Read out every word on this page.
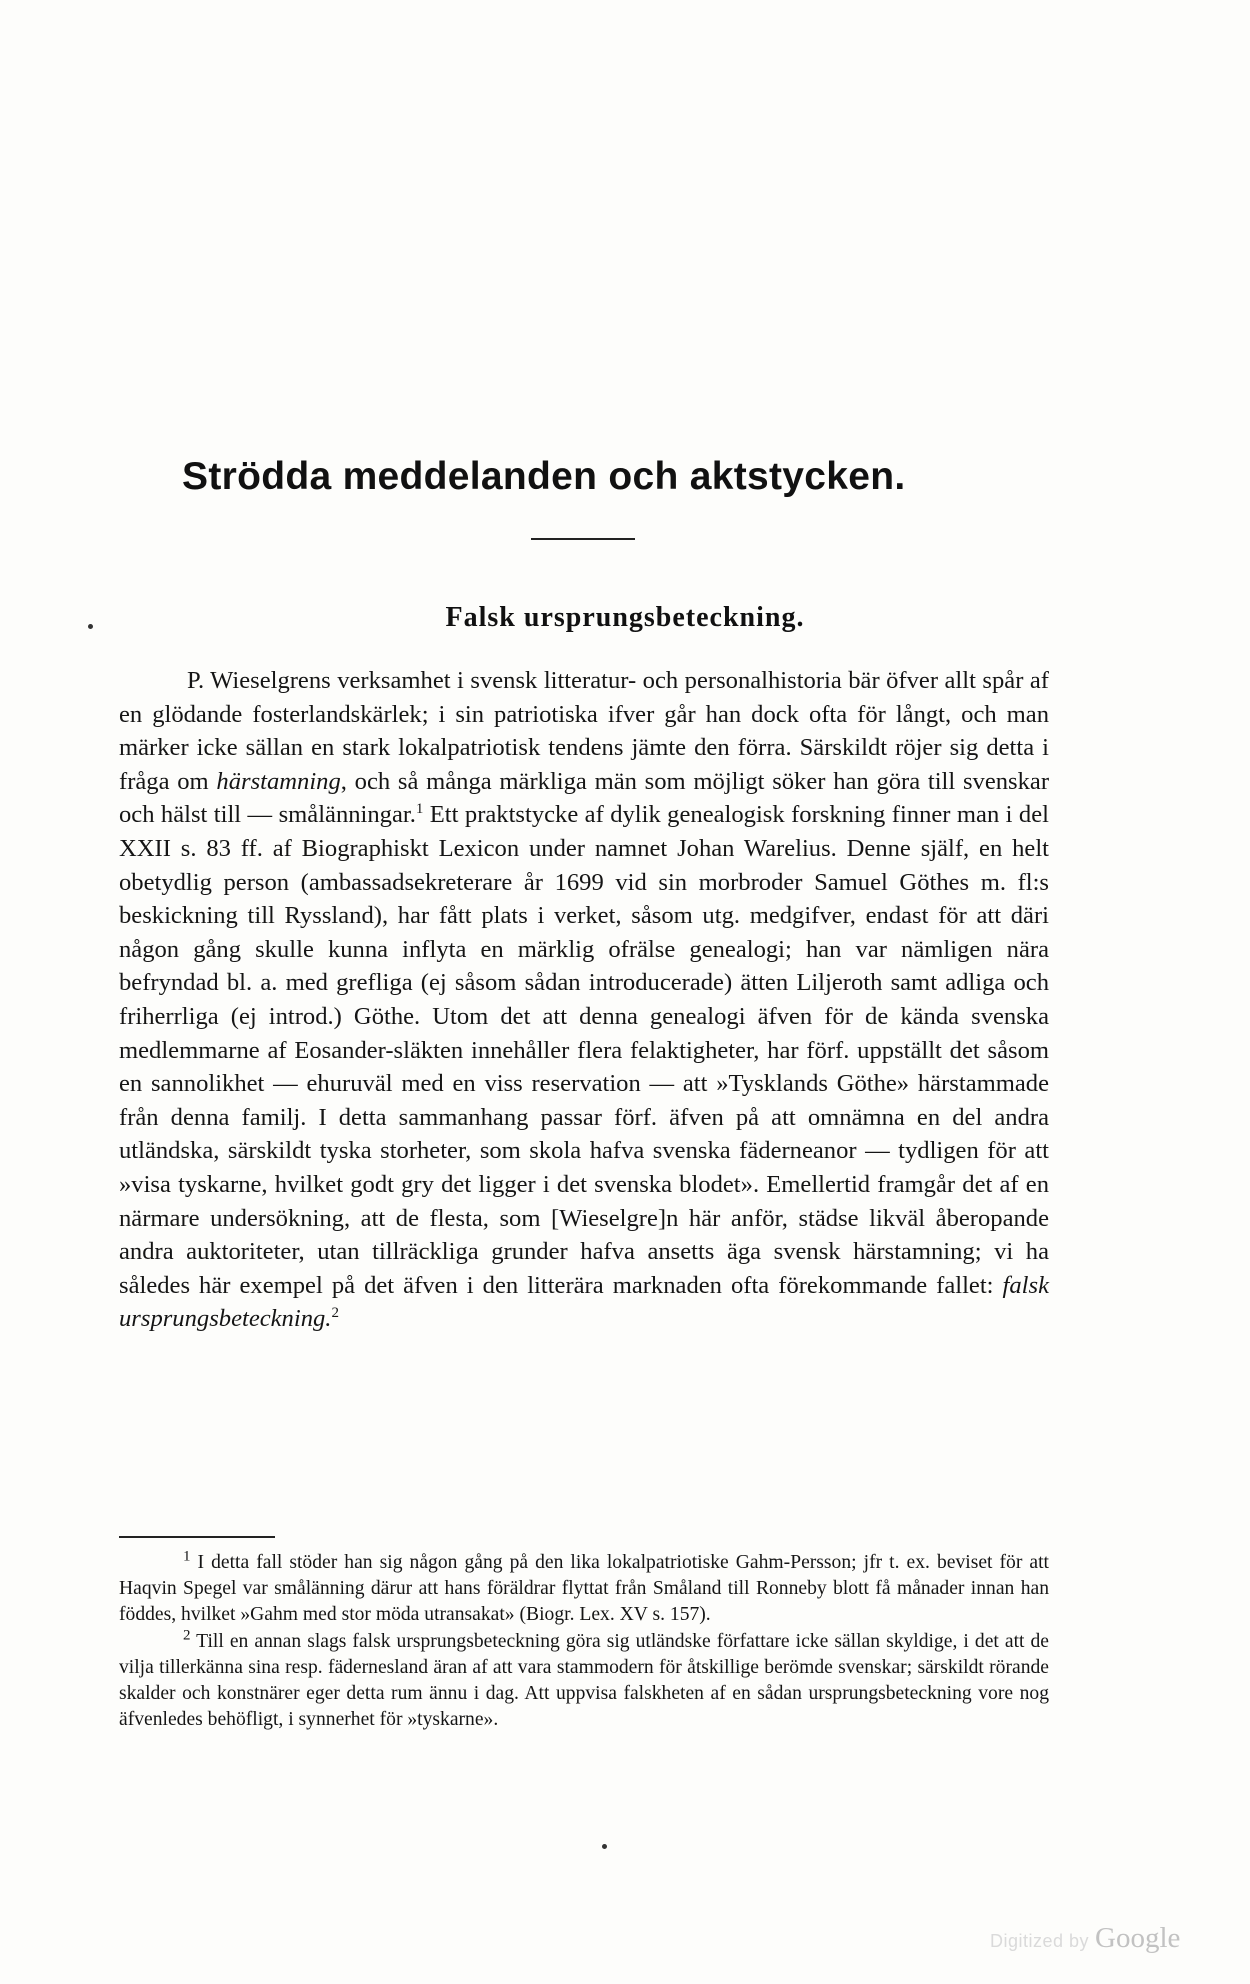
Strödda meddelanden och aktstycken.
Falsk ursprungsbeteckning.

P. Wieselgrens verksamhet i svensk litteratur- och personalhistoria bär öfver allt spår af en glödande fosterlandskärlek; i sin patriotiska ifver går han dock ofta för långt, och man märker icke sällan en stark lokalpatriotisk tendens jämte den förra. Särskildt röjer sig detta i fråga om härstamning, och så många märkliga män som möjligt söker han göra till svenskar och hälst till — smålänningar.$^1$ Ett praktstycke af dylik genealogisk forskning finner man i del XXII s. 83 ff. af Biographiskt Lexicon under namnet Johan Warelius. Denne själf, en helt obetydlig person (ambassadsekreterare år 1699 vid sin morbroder Samuel Göthes m. fl:s beskickning till Ryssland), har fått plats i verket, såsom utg. medgifver, endast för att däri någon gång skulle kunna inflyta en märklig ofrälse genealogi; han var nämligen nära befryndad bl. a. med grefliga (ej såsom sådan introducerade) ätten Liljeroth samt adliga och friherrliga (ej introd.) Göthe. Utom det att denna genealogi äfven för de kända svenska medlemmarne af Eosander-släkten innehåller flera felaktigheter, har förf. uppställt det såsom en sannolikhet — ehuruväl med en viss reservation — att »Tysklands Göthe» härstammade från denna familj. I detta sammanhang passar förf. äfven på att omnämna en del andra utländska, särskildt tyska storheter, som skola hafva svenska fäderneanor — tydligen för att »visa tyskarne, hvilket godt gry det ligger i det svenska blodet». Emellertid framgår det af en närmare undersökning, att de flesta, som [Wieselgre]n här anför, städse likväl åberopande andra auktoriteter, utan tillräckliga grunder hafva ansetts äga svensk härstamning; vi ha således här exempel på det äfven i den litterära marknaden ofta förekommande fallet: falsk ursprungsbeteckning.$^2$

$^1$ I detta fall stöder han sig någon gång på den lika lokalpatriotiske Gahm-Persson; jfr t. ex. beviset för att Haqvin Spegel var smålänning därur att hans föräldrar flyttat från Småland till Ronneby blott få månader innan han föddes, hvilket »Gahm med stor möda utransakat» (Biogr. Lex. XV s. 157).

$^2$ Till en annan slags falsk ursprungsbeteckning göra sig utländske författare icke sällan skyldige, i det att de vilja tillerkänna sina resp. fädernesland äran af att vara stammodern för åtskillige berömde svenskar; särskildt rörande skalder och konstnärer eger detta rum ännu i dag. Att uppvisa falskheten af en sådan ursprungsbeteckning vore nog äfvenledes behöfligt, i synnerhet för »tyskarne».

Digitized by Google
